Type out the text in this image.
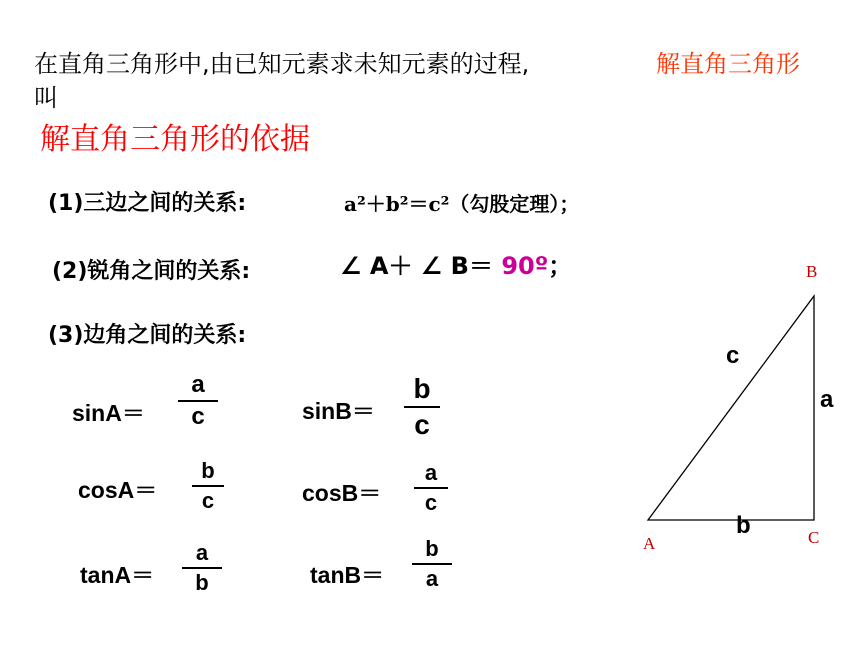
在直角三角形中,由已知元素求未知元素的过程,	解直角三角形
叫
解直角三角形的依据
(1)三边之间的关系:	a²＋b²＝c²（勾股定理）；
(2)锐角之间的关系:	∠ A＋ ∠ B＝ 90º；
(3)边角之间的关系:
sinA＝
a
c	sinB＝
b
c
cosA＝
b
c	cosB＝
a
c
tanA＝
a
b	tanB＝
b
a
B
A	C
c
a
b
